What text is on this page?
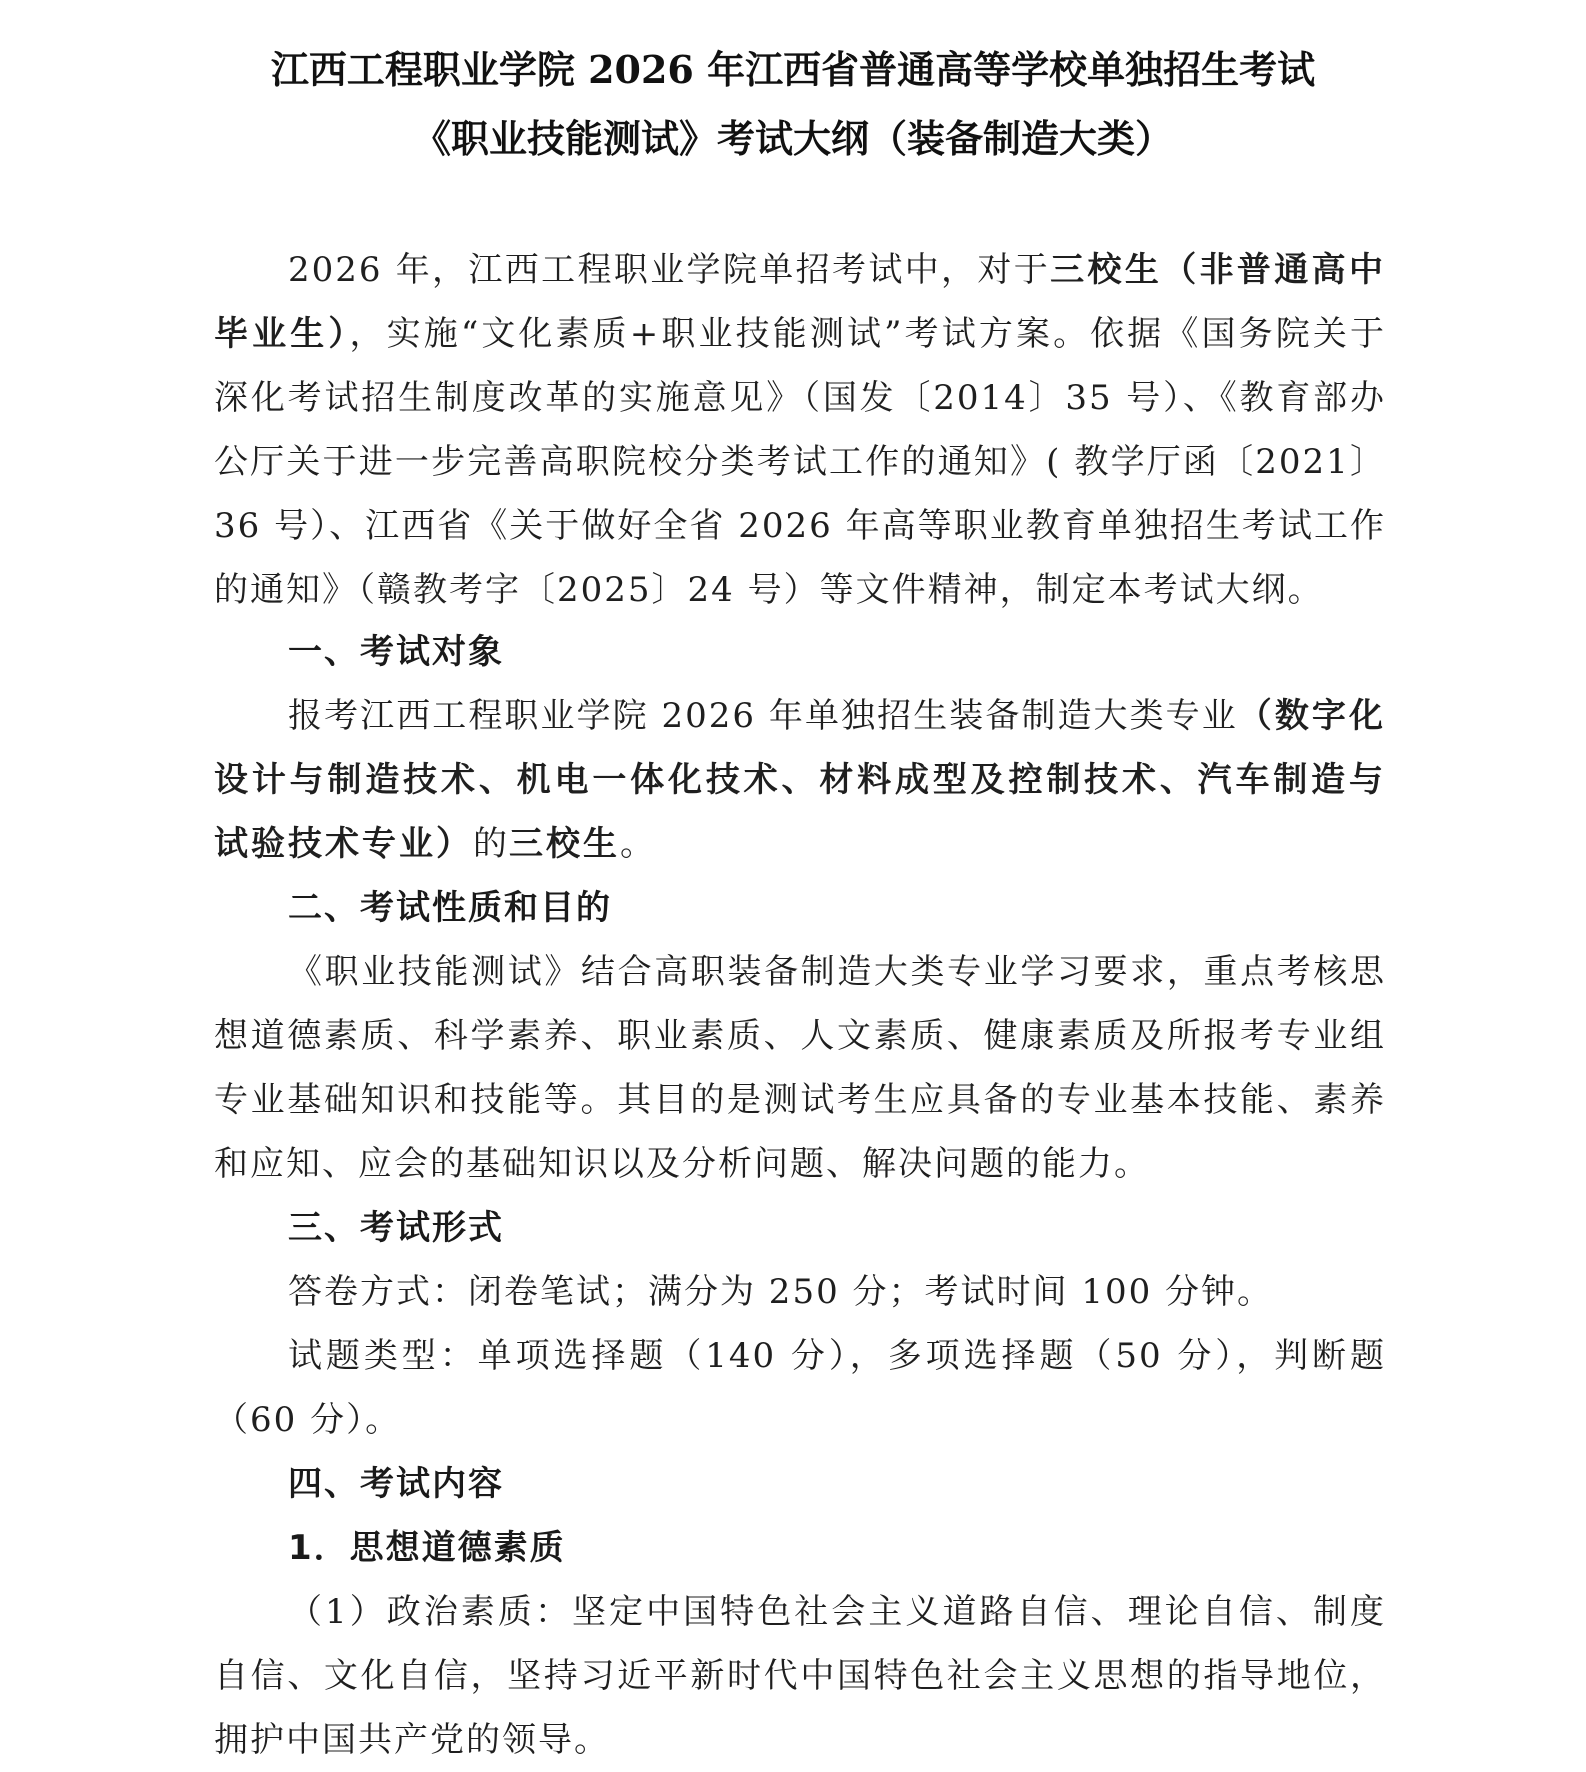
江西工程职业学院 2026 年江西省普通高等学校单独招生考试
《职业技能测试》考试大纲（装备制造大类）

2026 年，江西工程职业学院单招考试中，对于三校生（非普通高中毕业生），实施“文化素质+职业技能测试”考试方案。依据《国务院关于深化考试招生制度改革的实施意见》（国发〔2014〕35 号）、《教育部办公厅关于进一步完善高职院校分类考试工作的通知》( 教学厅函〔2021〕36 号）、江西省《关于做好全省 2026 年高等职业教育单独招生考试工作的通知》（赣教考字〔2025〕24 号）等文件精神，制定本考试大纲。

一、考试对象

报考江西工程职业学院 2026 年单独招生装备制造大类专业（数字化设计与制造技术、机电一体化技术、材料成型及控制技术、汽车制造与试验技术专业）的三校生。

二、考试性质和目的

《职业技能测试》结合高职装备制造大类专业学习要求，重点考核思想道德素质、科学素养、职业素质、人文素质、健康素质及所报考专业组专业基础知识和技能等。其目的是测试考生应具备的专业基本技能、素养和应知、应会的基础知识以及分析问题、解决问题的能力。

三、考试形式
答卷方式：闭卷笔试；满分为 250 分；考试时间 100 分钟。

试题类型：单项选择题（140 分），多项选择题（50 分），判断题（60 分）。

四、考试内容
1．思想道德素质

（1）政治素质：坚定中国特色社会主义道路自信、理论自信、制度自信、文化自信，坚持习近平新时代中国特色社会主义思想的指导地位，拥护中国共产党的领导。
